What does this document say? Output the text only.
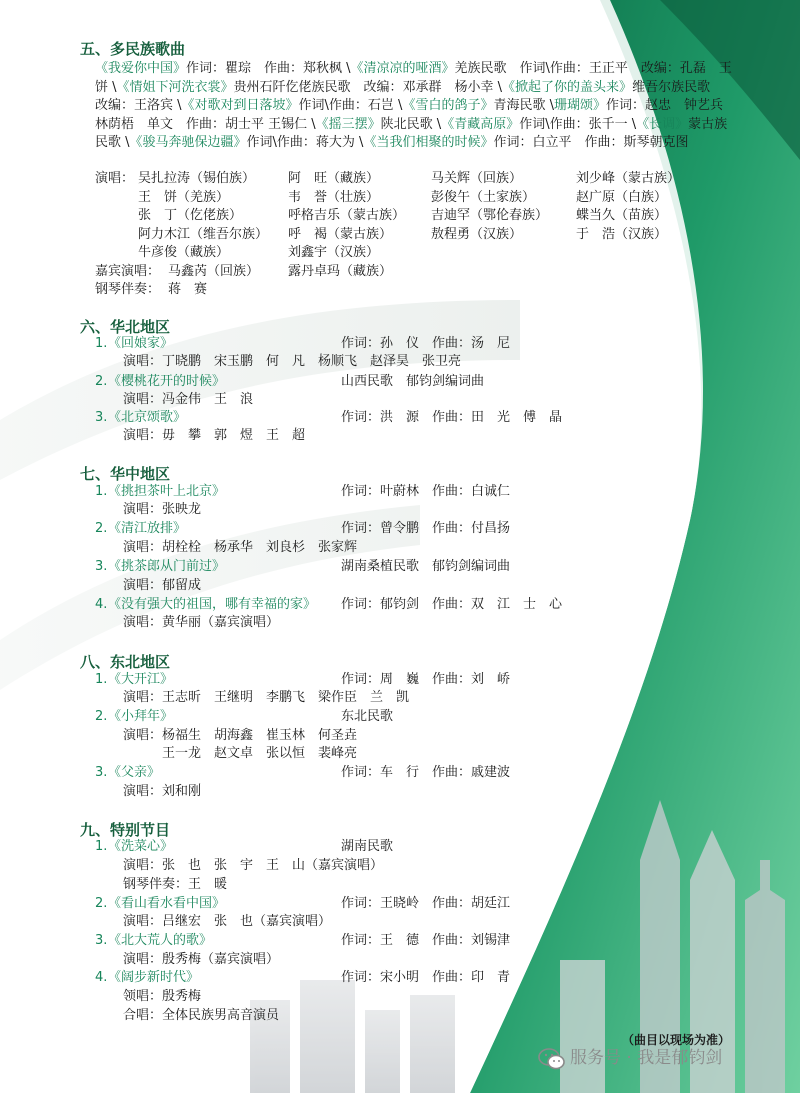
五、多民族歌曲
《我爱你中国》作词：瞿琮　作曲：郑秋枫 \《清凉凉的哑酒》羌族民歌　作词\作曲：王正平　改编：孔磊　王饼 \《情姐下河洗衣裳》贵州石阡仡佬族民歌　改编：邓承群　杨小幸 \《掀起了你的盖头来》维吾尔族民歌　改编：王洛宾 \《对歌对到日落坡》作词\作曲：石岂 \《雪白的鸽子》青海民歌 \珊瑚颂》作词：赵忠　钟艺兵　林荫梧　单文　作曲：胡士平 王锡仁 \《摇三摆》陕北民歌 \《青藏高原》作词\作曲：张千一 \《长调》蒙古族民歌 \《骏马奔驰保边疆》作词\作曲：蒋大为 \《当我们相聚的时候》作词：白立平　作曲：斯琴朝克图
演唱： 吴扎拉涛（锡伯族）	阿　旺（藏族）	马关辉（回族）	刘少峰（蒙古族）
王　饼（羌族）	韦　誉（壮族）	彭俊午（土家族）	赵广原（白族）
张　丁（仡佬族）	呼格吉乐（蒙古族） 吉迪罕（鄂伦春族） 蝶当久（苗族）
阿力木江（维吾尔族） 呼　褐（蒙古族）	敖程勇（汉族）	于　浩（汉族）
牛彦俊（藏族）	刘鑫宇（汉族）
嘉宾演唱： 马鑫芮（回族） 露丹卓玛（藏族）
钢琴伴奏： 蒋　赛
六、华北地区
1. 《回娘家》	作词：孙　仪　作曲：汤　尼
演唱：丁晓鹏　宋玉鹏　何　凡　杨顺飞　赵泽昊　张卫亮
2. 《樱桃花开的时候》	山西民歌　郁钧剑编词曲
演唱：冯金伟　王　浪
3. 《北京颂歌》	作词：洪　源　作曲：田　光　傅　晶
演唱：毋　攀　郭　煜　王　超
七、华中地区
1. 《挑担茶叶上北京》	作词：叶蔚林　作曲：白诚仁
演唱：张映龙
2. 《清江放排》	作词：曾令鹏　作曲：付昌扬
演唱：胡栓栓　杨承华　刘良杉　张家辉
3. 《挑茶郎从门前过》	湖南桑植民歌　郁钧剑编词曲
演唱：郁留成
4. 《没有强大的祖国，哪有幸福的家》 作词：郁钧剑　作曲：双　江　士　心
演唱：黄华丽（嘉宾演唱）
八、东北地区
1. 《大开江》	作词：周　巍　作曲：刘　峤
演唱：王志昕　王继明　李鹏飞　梁作臣　兰　凯
2. 《小拜年》	东北民歌
演唱：杨福生　胡海鑫　崔玉林　何圣垚
　　　王一龙　赵文卓　张以恒　裴峰亮
3. 《父亲》	作词：车　行　作曲：戚建波
演唱：刘和刚
九、特别节目
1. 《洗菜心》	湖南民歌
演唱：张　也　张　宇　王　山（嘉宾演唱）
钢琴伴奏：王　暖
2. 《看山看水看中国》	作词：王晓岭　作曲：胡廷江
演唱：吕继宏　张　也（嘉宾演唱）
3. 《北大荒人的歌》	作词：王　德　作曲：刘锡津
演唱：殷秀梅（嘉宾演唱）
4. 《阔步新时代》	作词：宋小明　作曲：印　青
领唱：殷秀梅
合唱：全体民族男高音演员
（曲目以现场为准）
服务号 · 我是郁钧剑
